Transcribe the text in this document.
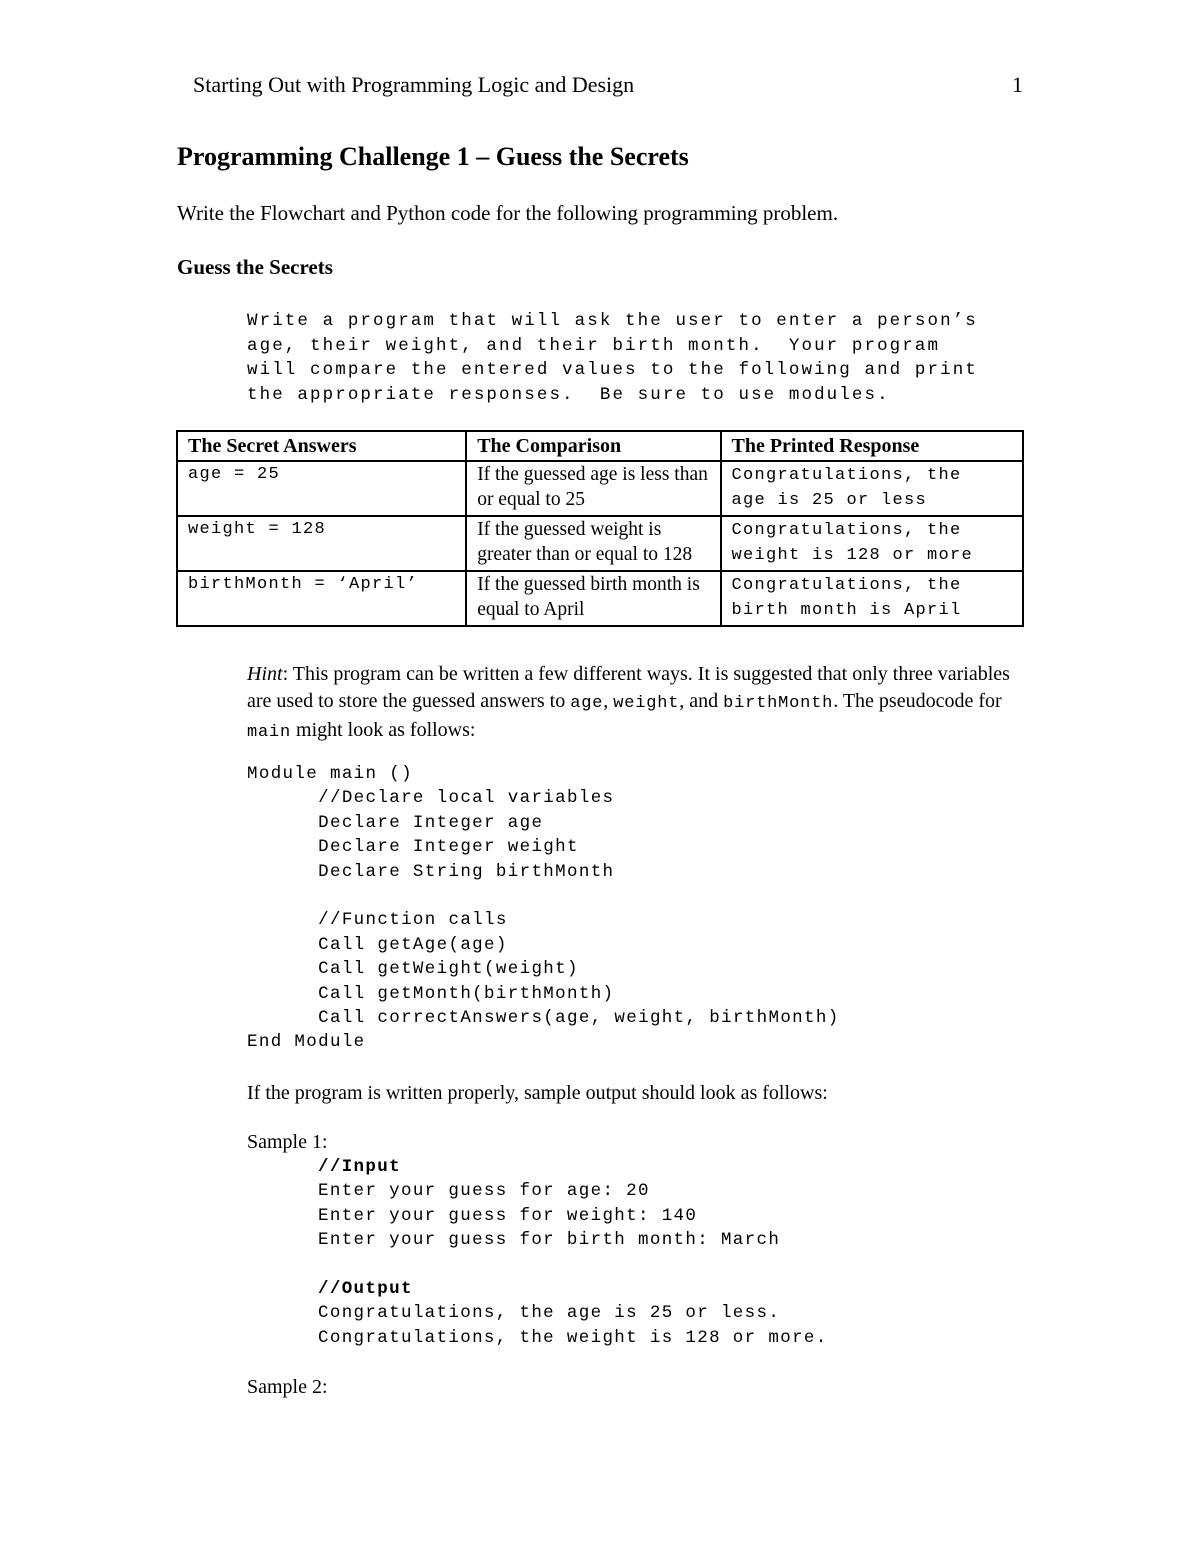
Starting Out with Programming Logic and Design	1
Programming Challenge 1 – Guess the Secrets
Write the Flowchart and Python code for the following programming problem.
Guess the Secrets
Write a program that will ask the user to enter a person’s
age, their weight, and their birth month.  Your program
will compare the entered values to the following and print
the appropriate responses.  Be sure to use modules.
The Secret Answers	The Comparison	The Printed Response
age = 25	If the guessed age is less than or equal to 25	Congratulations, the
age is 25 or less
weight = 128	If the guessed weight is greater than or equal to 128	Congratulations, the
weight is 128 or more
birthMonth = ‘April’	If the guessed birth month is equal to April	Congratulations, the
birth month is April
Hint: This program can be written a few different ways. It is suggested that only three variables are used to store the guessed answers to age, weight, and birthMonth. The pseudocode for main might look as follows:
Module main ()
//Declare local variables
Declare Integer age
Declare Integer weight
Declare String birthMonth

//Function calls
Call getAge(age)
Call getWeight(weight)
Call getMonth(birthMonth)
Call correctAnswers(age, weight, birthMonth)
End Module
If the program is written properly, sample output should look as follows:
Sample 1:
//Input
Enter your guess for age: 20
Enter your guess for weight: 140
Enter your guess for birth month: March

//Output
Congratulations, the age is 25 or less.
Congratulations, the weight is 128 or more.
Sample 2:
